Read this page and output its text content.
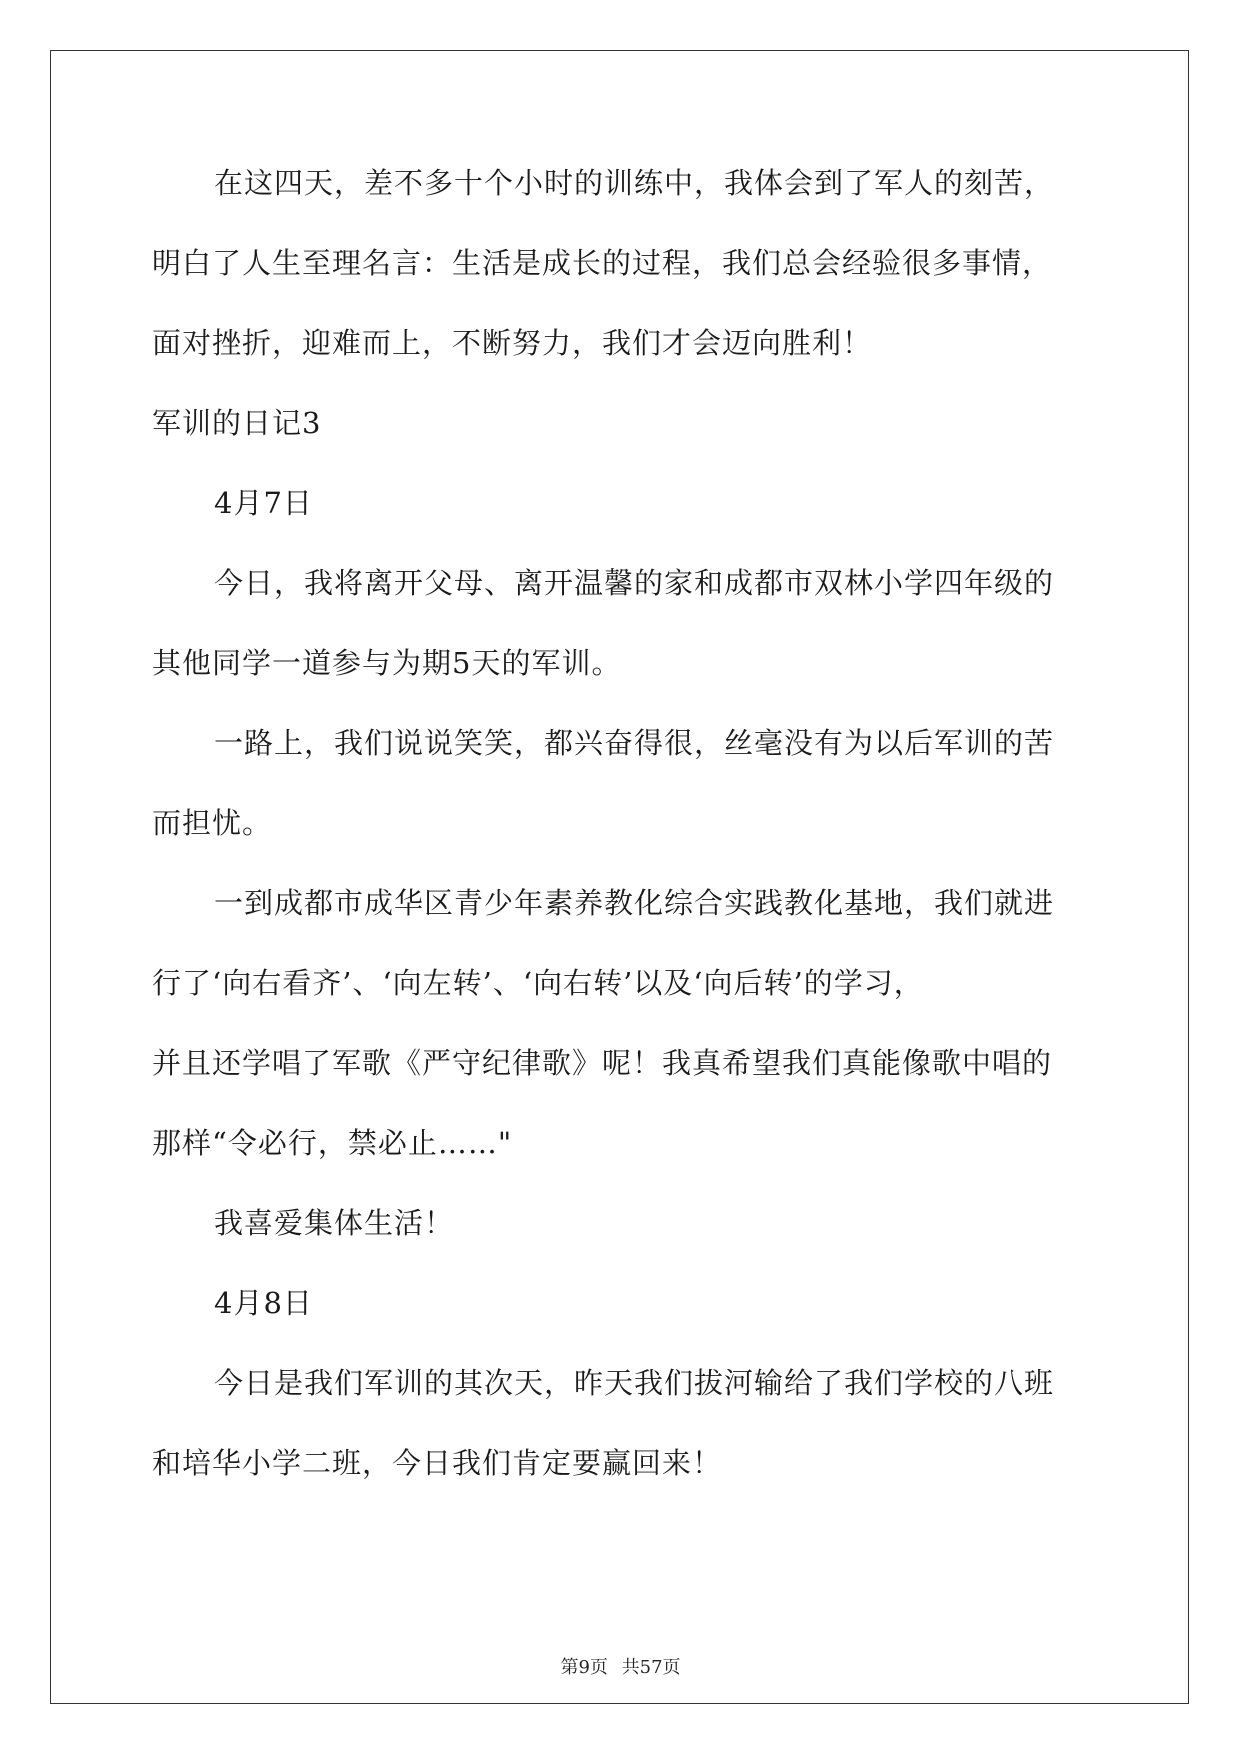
在这四天，差不多十个小时的训练中，我体会到了军人的刻苦，
明白了人生至理名言：生活是成长的过程，我们总会经验很多事情，
面对挫折，迎难而上，不断努力，我们才会迈向胜利！
军训的日记3
4月7日
今日，我将离开父母、离开温馨的家和成都市双林小学四年级的
其他同学一道参与为期5天的军训。
一路上，我们说说笑笑，都兴奋得很，丝毫没有为以后军训的苦
而担忧。
一到成都市成华区青少年素养教化综合实践教化基地，我们就进
行了‘向右看齐’、‘向左转’、‘向右转’以及‘向后转’的学习，
并且还学唱了军歌《严守纪律歌》呢！我真希望我们真能像歌中唱的
那样“令必行，禁必止……"
我喜爱集体生活！
4月8日
今日是我们军训的其次天，昨天我们拔河输给了我们学校的八班
和培华小学二班，今日我们肯定要赢回来！
第9页 共57页
